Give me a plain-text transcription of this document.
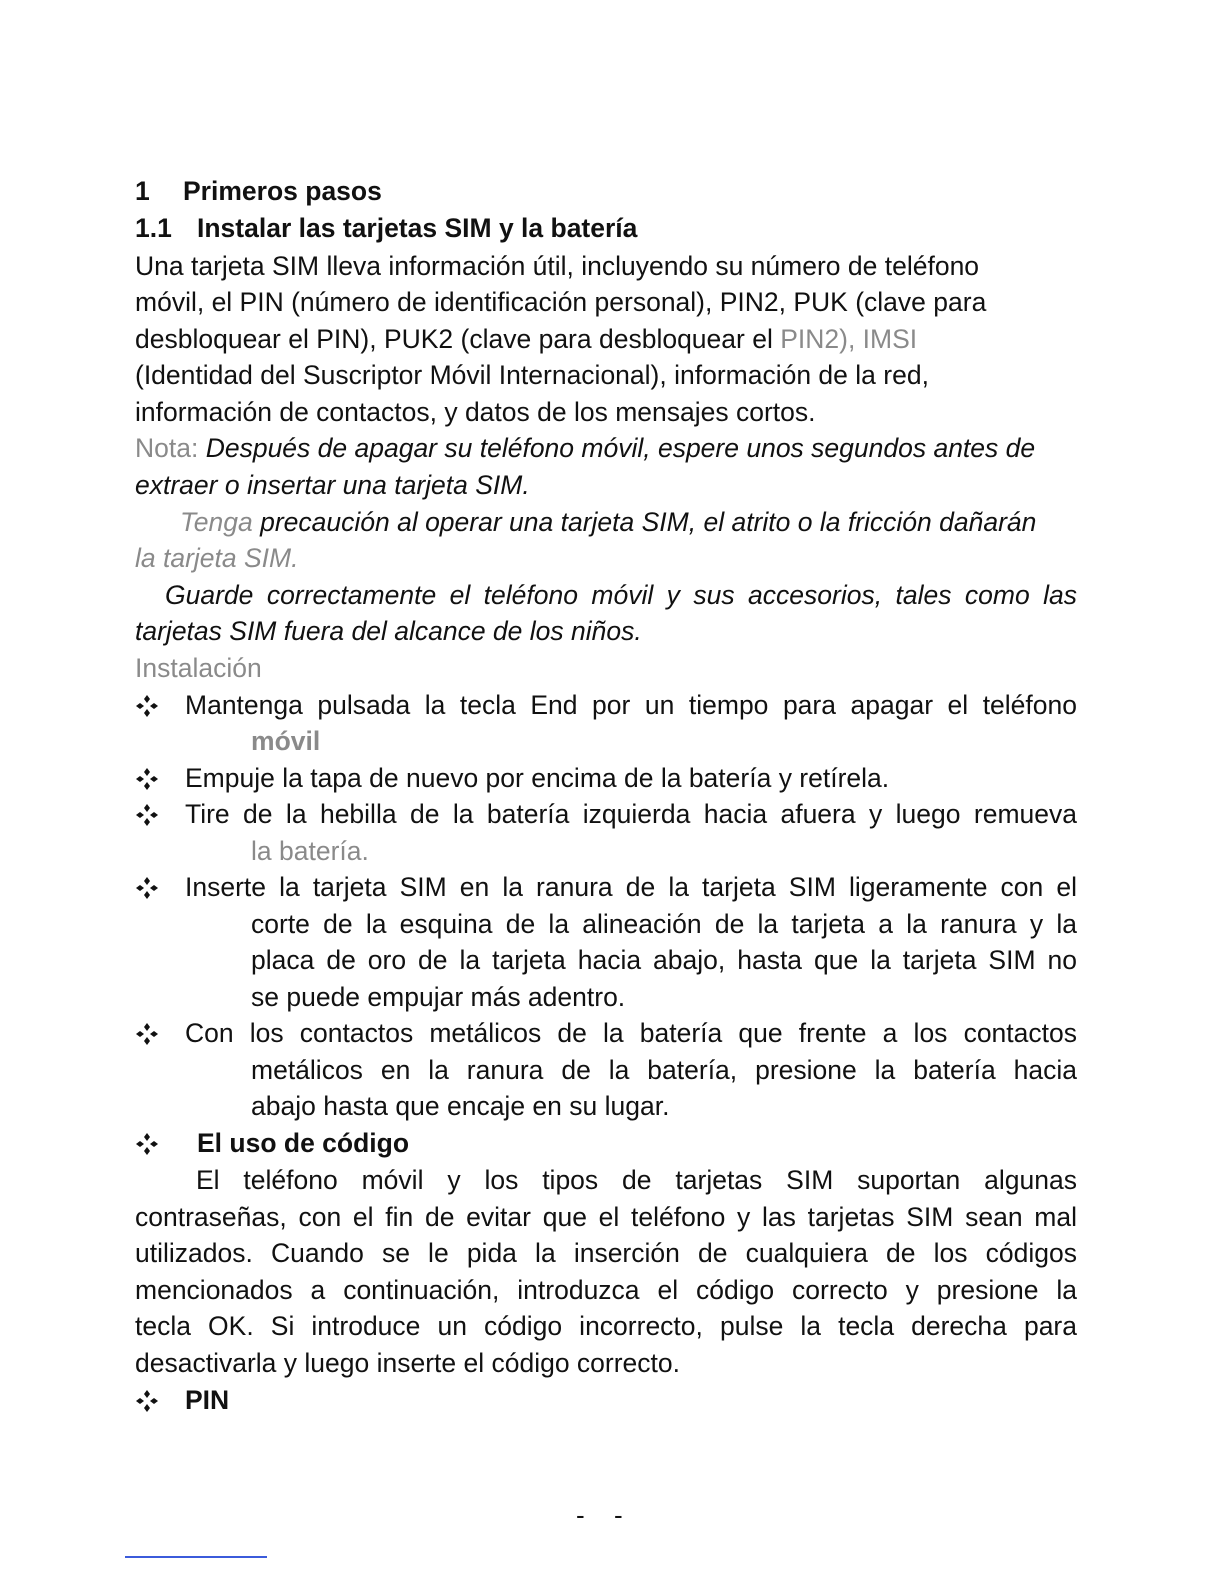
1 Primeros pasos
1.1 Instalar las tarjetas SIM y la batería
Una tarjeta SIM lleva información útil, incluyendo su número de teléfono
móvil, el PIN (número de identificación personal), PIN2, PUK (clave para
desbloquear el PIN), PUK2 (clave para desbloquear el PIN2), IMSI
(Identidad del Suscriptor Móvil Internacional), información de la red,
información de contactos, y datos de los mensajes cortos.
Nota: Después de apagar su teléfono móvil, espere unos segundos antes de
extraer o insertar una tarjeta SIM.
Tenga precaución al operar una tarjeta SIM, el atrito o la fricción dañarán
la tarjeta SIM.
Guarde correctamente el teléfono móvil y sus accesorios, tales como las
tarjetas SIM fuera del alcance de los niños.
Instalación
Mantenga pulsada la tecla End por un tiempo para apagar el teléfono
móvil
Empuje la tapa de nuevo por encima de la batería y retírela.
Tire de la hebilla de la batería izquierda hacia afuera y luego remueva
la batería.
Inserte la tarjeta SIM en la ranura de la tarjeta SIM ligeramente con el
corte de la esquina de la alineación de la tarjeta a la ranura y la
placa de oro de la tarjeta hacia abajo, hasta que la tarjeta SIM no
se puede empujar más adentro.
Con los contactos metálicos de la batería que frente a los contactos
metálicos en la ranura de la batería, presione la batería hacia
abajo hasta que encaje en su lugar.
El uso de código
El teléfono móvil y los tipos de tarjetas SIM suportan algunas
contraseñas, con el fin de evitar que el teléfono y las tarjetas SIM sean mal
utilizados. Cuando se le pida la inserción de cualquiera de los códigos
mencionados a continuación, introduzca el código correcto y presione la
tecla OK. Si introduce un código incorrecto, pulse la tecla derecha para
desactivarla y luego inserte el código correcto.
PIN
- -
